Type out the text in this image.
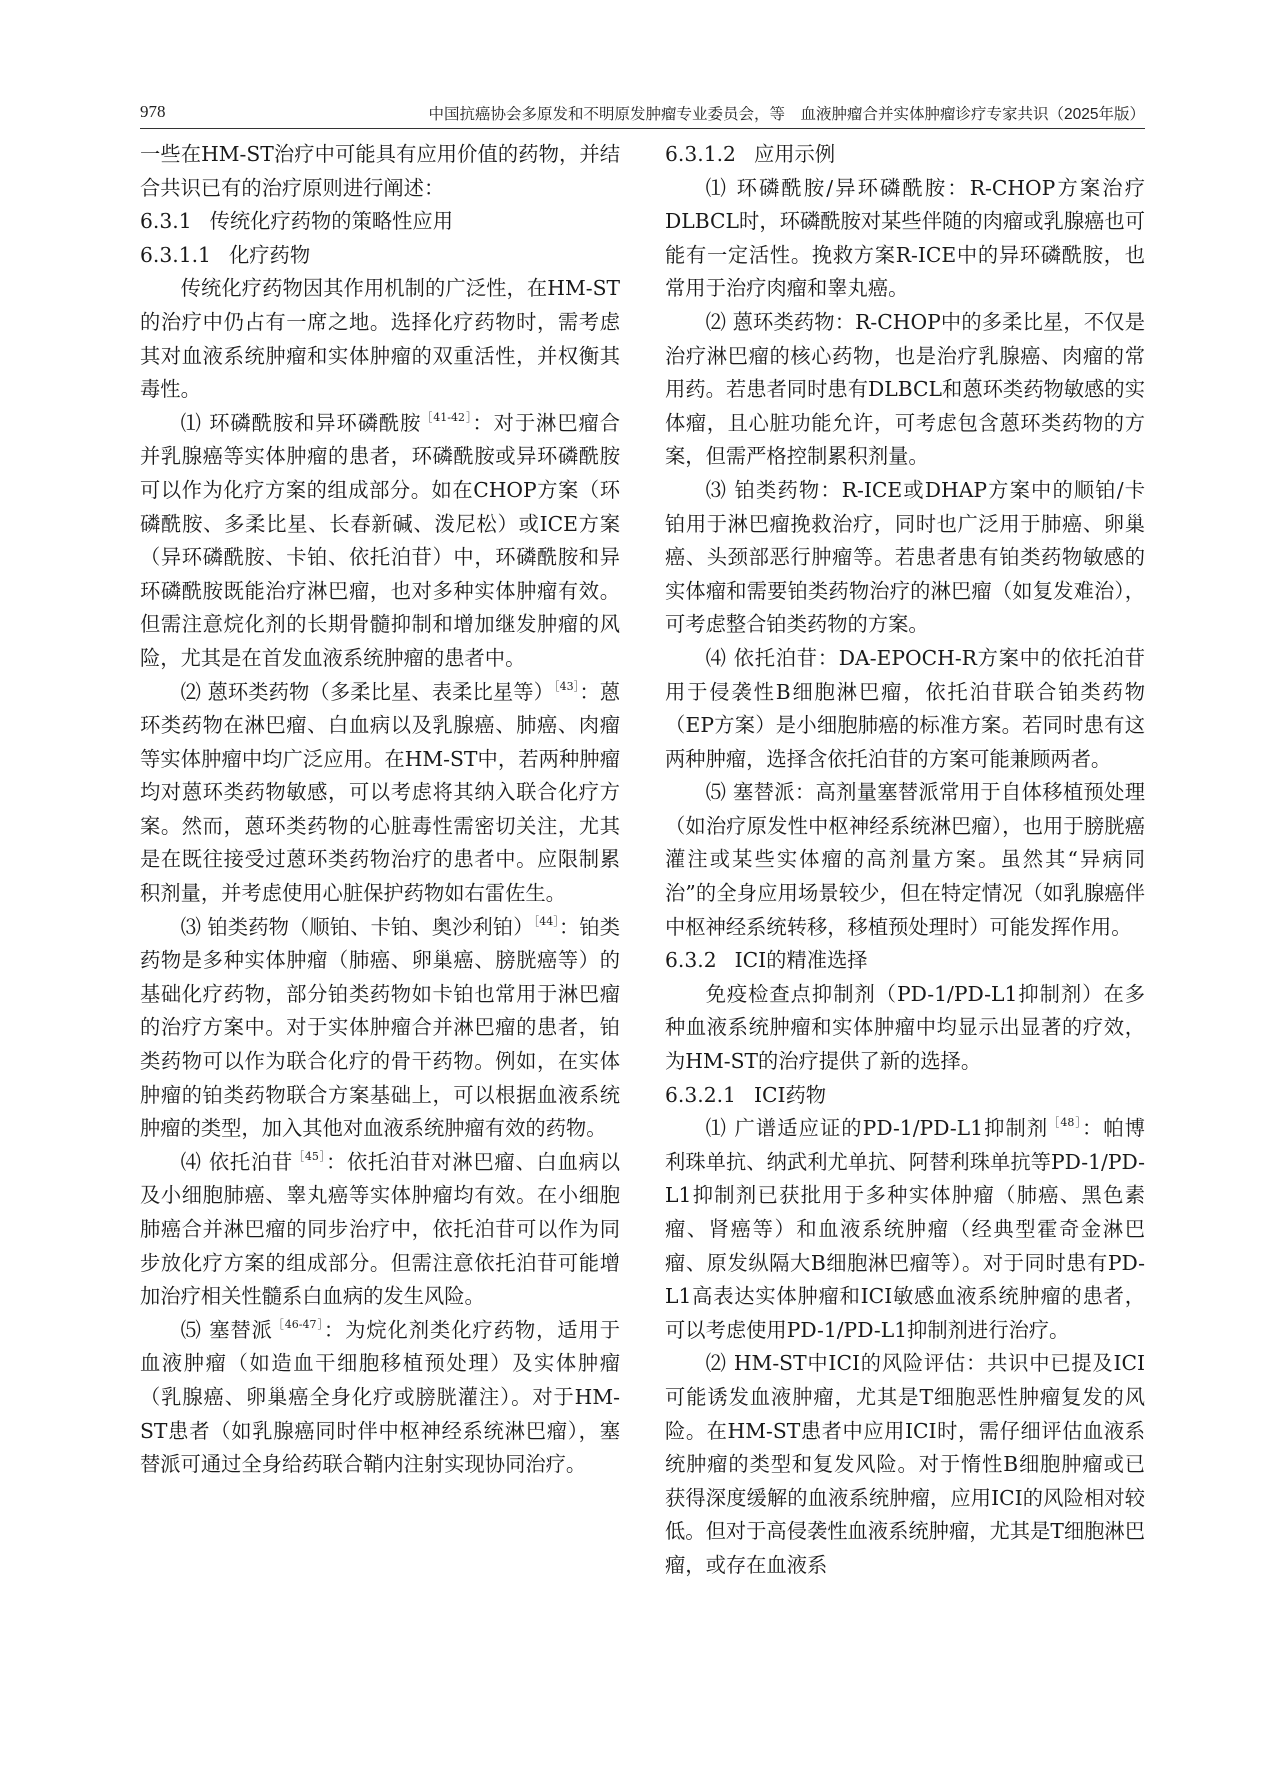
978	中国抗癌协会多原发和不明原发肿瘤专业委员会，等　血液肿瘤合并实体肿瘤诊疗专家共识（2025年版）

一些在HM-ST治疗中可能具有应用价值的药物，并结合共识已有的治疗原则进行阐述：

6.3.1 传统化疗药物的策略性应用
6.3.1.1 化疗药物

传统化疗药物因其作用机制的广泛性，在HM-ST的治疗中仍占有一席之地。选择化疗药物时，需考虑其对血液系统肿瘤和实体肿瘤的双重活性，并权衡其毒性。

⑴ 环磷酰胺和异环磷酰胺$^{[41-42]}$：对于淋巴瘤合并乳腺癌等实体肿瘤的患者，环磷酰胺或异环磷酰胺可以作为化疗方案的组成部分。如在CHOP方案（环磷酰胺、多柔比星、长春新碱、泼尼松）或ICE方案（异环磷酰胺、卡铂、依托泊苷）中，环磷酰胺和异环磷酰胺既能治疗淋巴瘤，也对多种实体肿瘤有效。但需注意烷化剂的长期骨髓抑制和增加继发肿瘤的风险，尤其是在首发血液系统肿瘤的患者中。

⑵ 蒽环类药物（多柔比星、表柔比星等）$^{[43]}$：蒽环类药物在淋巴瘤、白血病以及乳腺癌、肺癌、肉瘤等实体肿瘤中均广泛应用。在HM-ST中，若两种肿瘤均对蒽环类药物敏感，可以考虑将其纳入联合化疗方案。然而，蒽环类药物的心脏毒性需密切关注，尤其是在既往接受过蒽环类药物治疗的患者中。应限制累积剂量，并考虑使用心脏保护药物如右雷佐生。

⑶ 铂类药物（顺铂、卡铂、奥沙利铂）$^{[44]}$：铂类药物是多种实体肿瘤（肺癌、卵巢癌、膀胱癌等）的基础化疗药物，部分铂类药物如卡铂也常用于淋巴瘤的治疗方案中。对于实体肿瘤合并淋巴瘤的患者，铂类药物可以作为联合化疗的骨干药物。例如，在实体肿瘤的铂类药物联合方案基础上，可以根据血液系统肿瘤的类型，加入其他对血液系统肿瘤有效的药物。

⑷ 依托泊苷$^{[45]}$：依托泊苷对淋巴瘤、白血病以及小细胞肺癌、睾丸癌等实体肿瘤均有效。在小细胞肺癌合并淋巴瘤的同步治疗中，依托泊苷可以作为同步放化疗方案的组成部分。但需注意依托泊苷可能增加治疗相关性髓系白血病的发生风险。

⑸ 塞替派$^{[46-47]}$：为烷化剂类化疗药物，适用于血液肿瘤（如造血干细胞移植预处理）及实体肿瘤（乳腺癌、卵巢癌全身化疗或膀胱灌注）。对于HM-ST患者（如乳腺癌同时伴中枢神经系统淋巴瘤），塞替派可通过全身给药联合鞘内注射实现协同治疗。

6.3.1.2 应用示例

⑴ 环磷酰胺/异环磷酰胺：R-CHOP方案治疗DLBCL时，环磷酰胺对某些伴随的肉瘤或乳腺癌也可能有一定活性。挽救方案R-ICE中的异环磷酰胺，也常用于治疗肉瘤和睾丸癌。

⑵ 蒽环类药物：R-CHOP中的多柔比星，不仅是治疗淋巴瘤的核心药物，也是治疗乳腺癌、肉瘤的常用药。若患者同时患有DLBCL和蒽环类药物敏感的实体瘤，且心脏功能允许，可考虑包含蒽环类药物的方案，但需严格控制累积剂量。

⑶ 铂类药物：R-ICE或DHAP方案中的顺铂/卡铂用于淋巴瘤挽救治疗，同时也广泛用于肺癌、卵巢癌、头颈部恶行肿瘤等。若患者患有铂类药物敏感的实体瘤和需要铂类药物治疗的淋巴瘤（如复发难治），可考虑整合铂类药物的方案。

⑷ 依托泊苷：DA-EPOCH-R方案中的依托泊苷用于侵袭性B细胞淋巴瘤，依托泊苷联合铂类药物（EP方案）是小细胞肺癌的标准方案。若同时患有这两种肿瘤，选择含依托泊苷的方案可能兼顾两者。

⑸ 塞替派：高剂量塞替派常用于自体移植预处理（如治疗原发性中枢神经系统淋巴瘤），也用于膀胱癌灌注或某些实体瘤的高剂量方案。虽然其“异病同治”的全身应用场景较少，但在特定情况（如乳腺癌伴中枢神经系统转移，移植预处理时）可能发挥作用。

6.3.2 ICI的精准选择

免疫检查点抑制剂（PD-1/PD-L1抑制剂）在多种血液系统肿瘤和实体肿瘤中均显示出显著的疗效，为HM-ST的治疗提供了新的选择。

6.3.2.1 ICI药物

⑴ 广谱适应证的PD-1/PD-L1抑制剂$^{[48]}$：帕博利珠单抗、纳武利尤单抗、阿替利珠单抗等PD-1/PD-L1抑制剂已获批用于多种实体肿瘤（肺癌、黑色素瘤、肾癌等）和血液系统肿瘤（经典型霍奇金淋巴瘤、原发纵隔大B细胞淋巴瘤等）。对于同时患有PD-L1高表达实体肿瘤和ICI敏感血液系统肿瘤的患者，可以考虑使用PD-1/PD-L1抑制剂进行治疗。

⑵ HM-ST中ICI的风险评估：共识中已提及ICI可能诱发血液肿瘤，尤其是T细胞恶性肿瘤复发的风险。在HM-ST患者中应用ICI时，需仔细评估血液系统肿瘤的类型和复发风险。对于惰性B细胞肿瘤或已获得深度缓解的血液系统肿瘤，应用ICI的风险相对较低。但对于高侵袭性血液系统肿瘤，尤其是T细胞淋巴瘤，或存在血液系
